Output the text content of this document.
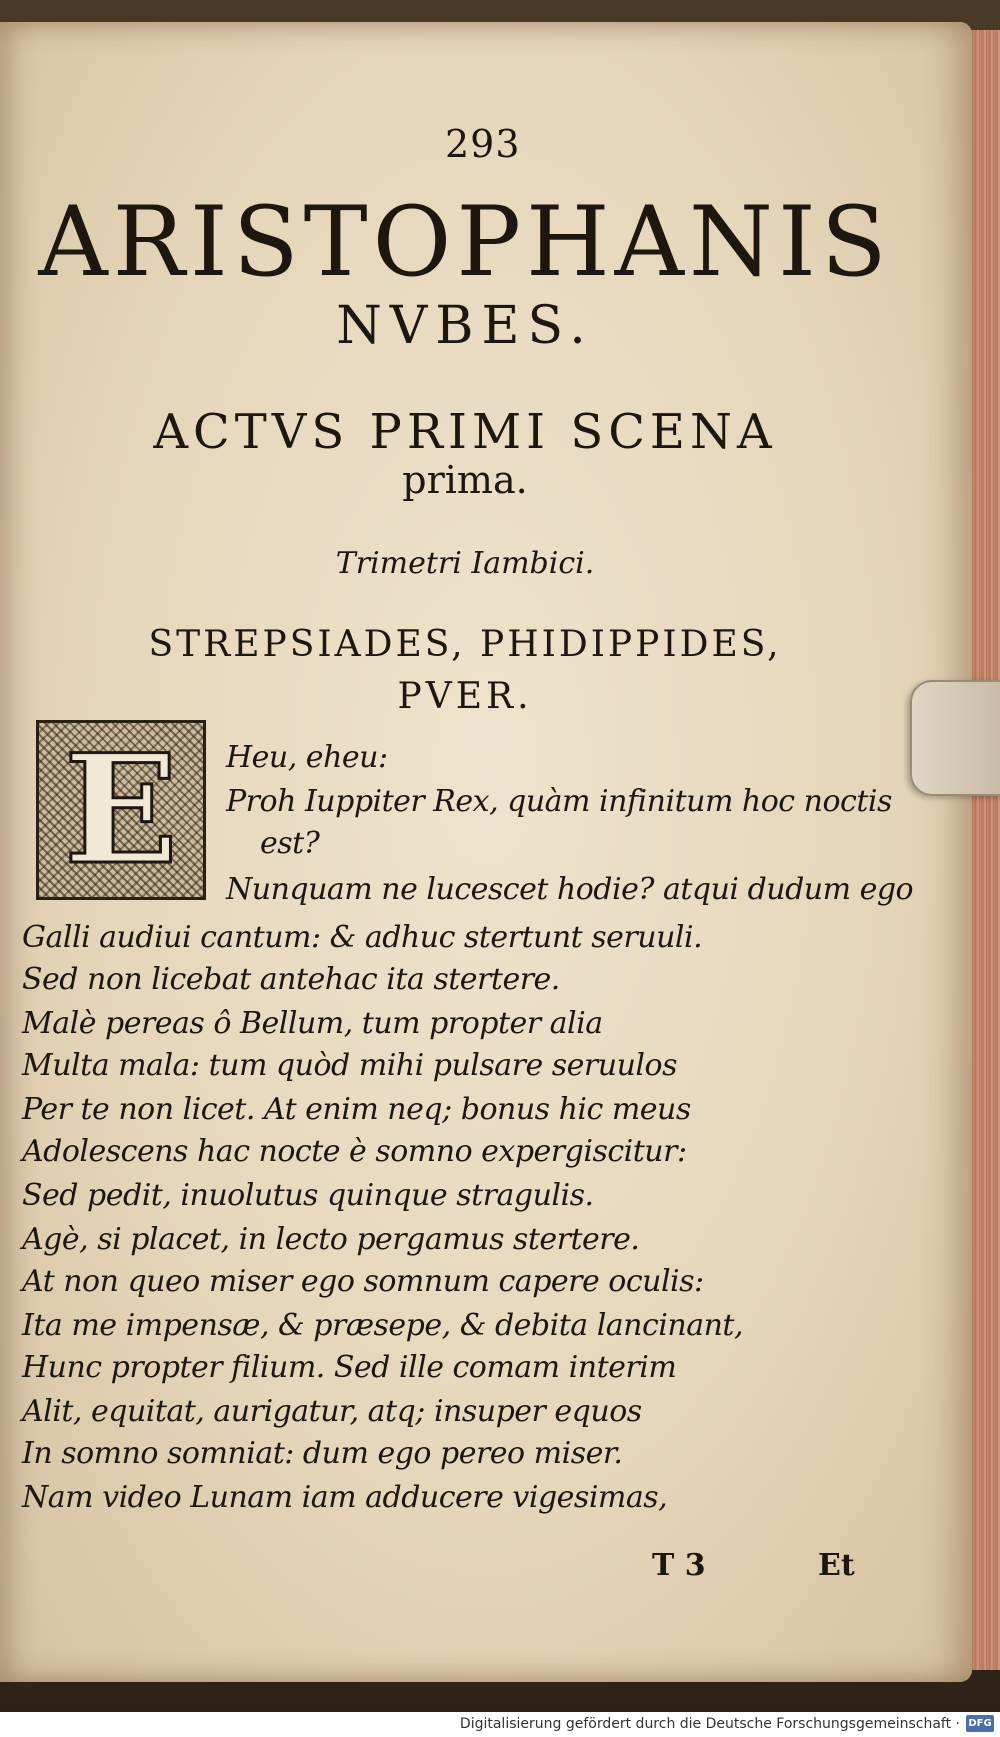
293
ARISTOPHANIS
NVBES.
ACTVS PRIMI SCENA
prima.
Trimetri Iambici.
STREPSIADES, PHIDIPPIDES,
PVER.
E	Heu, eheu:
Proh Iuppiter Rex, quàm infinitum hoc noctis
est?
Nunquam ne lucescet hodie? atqui dudum ego
Galli audiui cantum: & adhuc stertunt seruuli.
Sed non licebat antehac ita stertere.
Malè pereas ô Bellum, tum propter alia
Multa mala: tum quòd mihi pulsare seruulos
Per te non licet. At enim neq; bonus hic meus
Adolescens hac nocte è somno expergiscitur:
Sed pedit, inuolutus quinque stragulis.
Agè, si placet, in lecto pergamus stertere.
At non queo miser ego somnum capere oculis:
Ita me impensæ, & præsepe, & debita lancinant,
Hunc propter filium. Sed ille comam interim
Alit, equitat, aurigatur, atq; insuper equos
In somno somniat: dum ego pereo miser.
Nam video Lunam iam adducere vigesimas,
T 3	Et
Digitalisierung gefördert durch die Deutsche Forschungsgemeinschaft · DFG
